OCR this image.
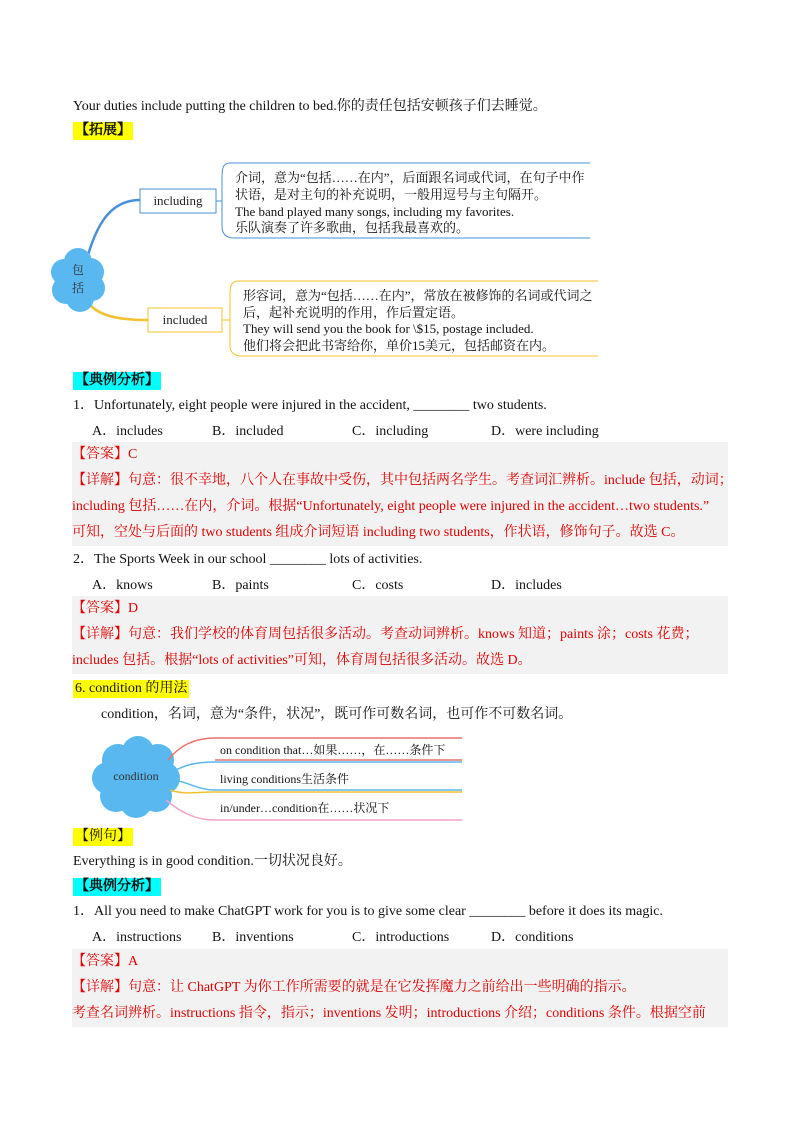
Your duties include putting the children to bed.你的责任包括安顿孩子们去睡觉。
【拓展】
包
括
including
included
介词，意为“包括……在内”，后面跟名词或代词，在句子中作
状语，是对主句的补充说明，一般用逗号与主句隔开。
The band played many songs, including my favorites.
乐队演奏了许多歌曲，包括我最喜欢的。
形容词，意为“包括……在内”，常放在被修饰的名词或代词之
后，起补充说明的作用，作后置定语。
They will send you the book for \$15, postage included.
他们将会把此书寄给你，单价15美元，包括邮资在内。
【典例分析】
1．Unfortunately, eight people were injured in the accident, ________ two students.
A．includes	B．included	C．including	D．were including
【答案】C
【详解】句意：很不幸地，八个人在事故中受伤，其中包括两名学生。考查词汇辨析。include 包括，动词；
including 包括……在内，介词。根据“Unfortunately, eight people were injured in the accident…two students.”
可知，空处与后面的 two students 组成介词短语 including two students，作状语，修饰句子。故选 C。
2．The Sports Week in our school ________ lots of activities.
A．knows	B．paints	C．costs	D．includes
【答案】D
【详解】句意：我们学校的体育周包括很多活动。考查动词辨析。knows 知道；paints 涂；costs 花费；
includes 包括。根据“lots of activities”可知，体育周包括很多活动。故选 D。
6. condition 的用法
condition，名词，意为“条件，状况”，既可作可数名词，也可作不可数名词。
condition
on condition that…如果……，在……条件下
living conditions生活条件
in/under…condition在……状况下
【例句】
Everything is in good condition.一切状况良好。
【典例分析】
1．All you need to make ChatGPT work for you is to give some clear ________ before it does its magic.
A．instructions B．inventions	C．introductions	D．conditions
【答案】A
【详解】句意：让 ChatGPT 为你工作所需要的就是在它发挥魔力之前给出一些明确的指示。
考查名词辨析。instructions 指令，指示；inventions 发明；introductions 介绍；conditions 条件。根据空前
